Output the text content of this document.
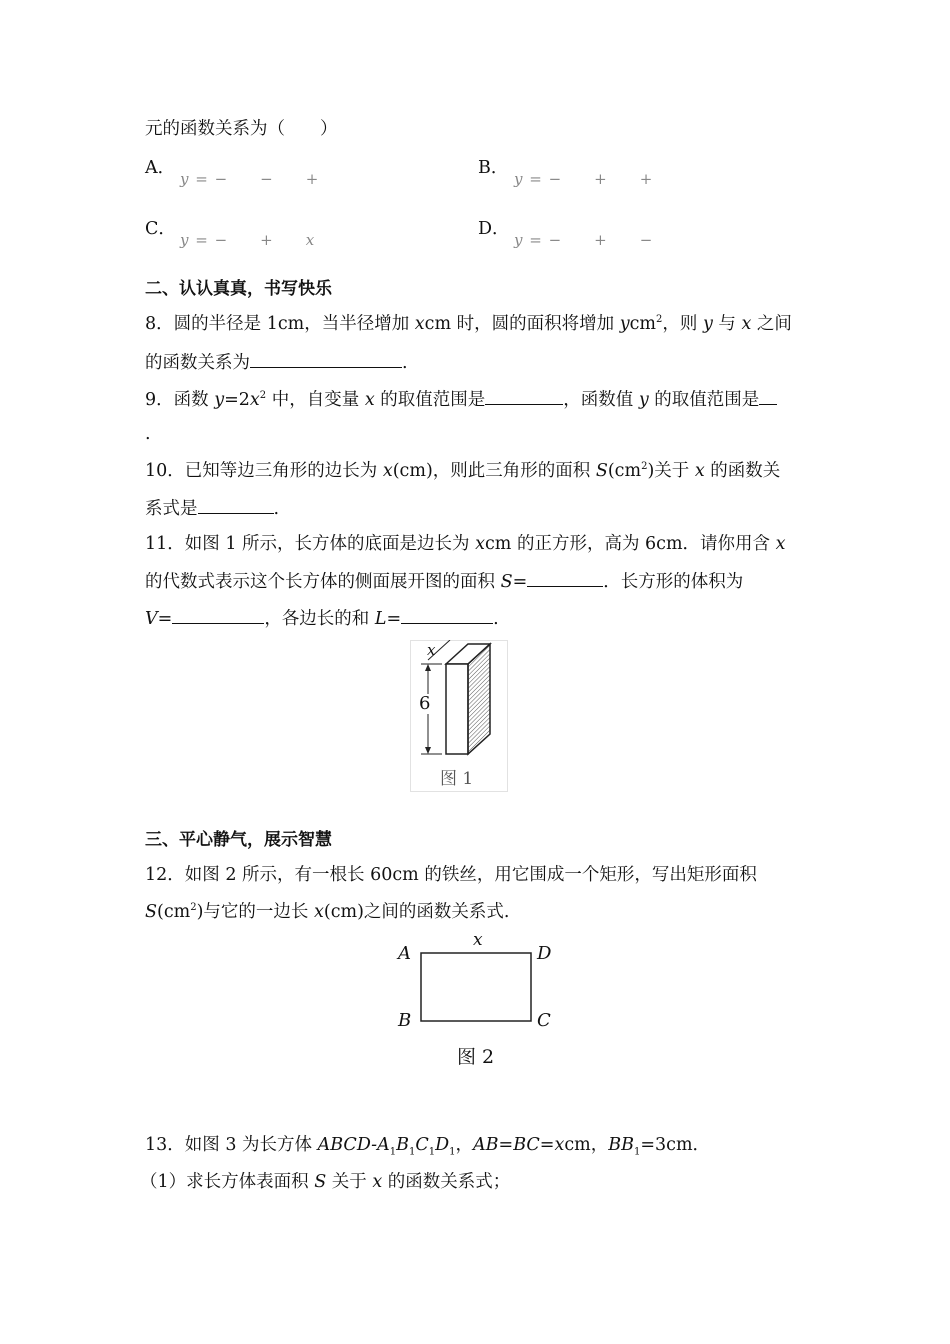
元的函数关系为（　　）
A．
y = −　　−　　+
B．
y = −　　+　　+
C．
y = −　　+　　x
D．
y = −　　+　　−
二、认认真真，书写快乐
8．圆的半径是 1cm，当半径增加 xcm 时，圆的面积将增加 ycm$^2$，则 y 与 x 之间
的函数关系为	.
9．函数 $y=2x^2$ 中，自变量 x 的取值范围是	，函数值 y 的取值范围是
.
10．已知等边三角形的边长为 x(cm)，则此三角形的面积 $S(cm^2)$关于 x 的函数关
系式是	.
11．如图 1 所示，长方体的底面是边长为 xcm 的正方形，高为 6cm．请你用含 x
的代数式表示这个长方体的侧面展开图的面积 S=	．长方形的体积为
V=	，各边长的和 L=	.
6
x
图 1
三、平心静气，展示智慧
12．如图 2 所示，有一根长 60cm 的铁丝，用它围成一个矩形，写出矩形面积
$S(cm^2)$与它的一边长 x(cm)之间的函数关系式.
A	D
B	C
x
图 2
13．如图 3 为长方体 ABCD-$A_1B_1C_1D_1$，AB=BC=xcm，$BB_1=3cm$．
（1）求长方体表面积 S 关于 x 的函数关系式；
